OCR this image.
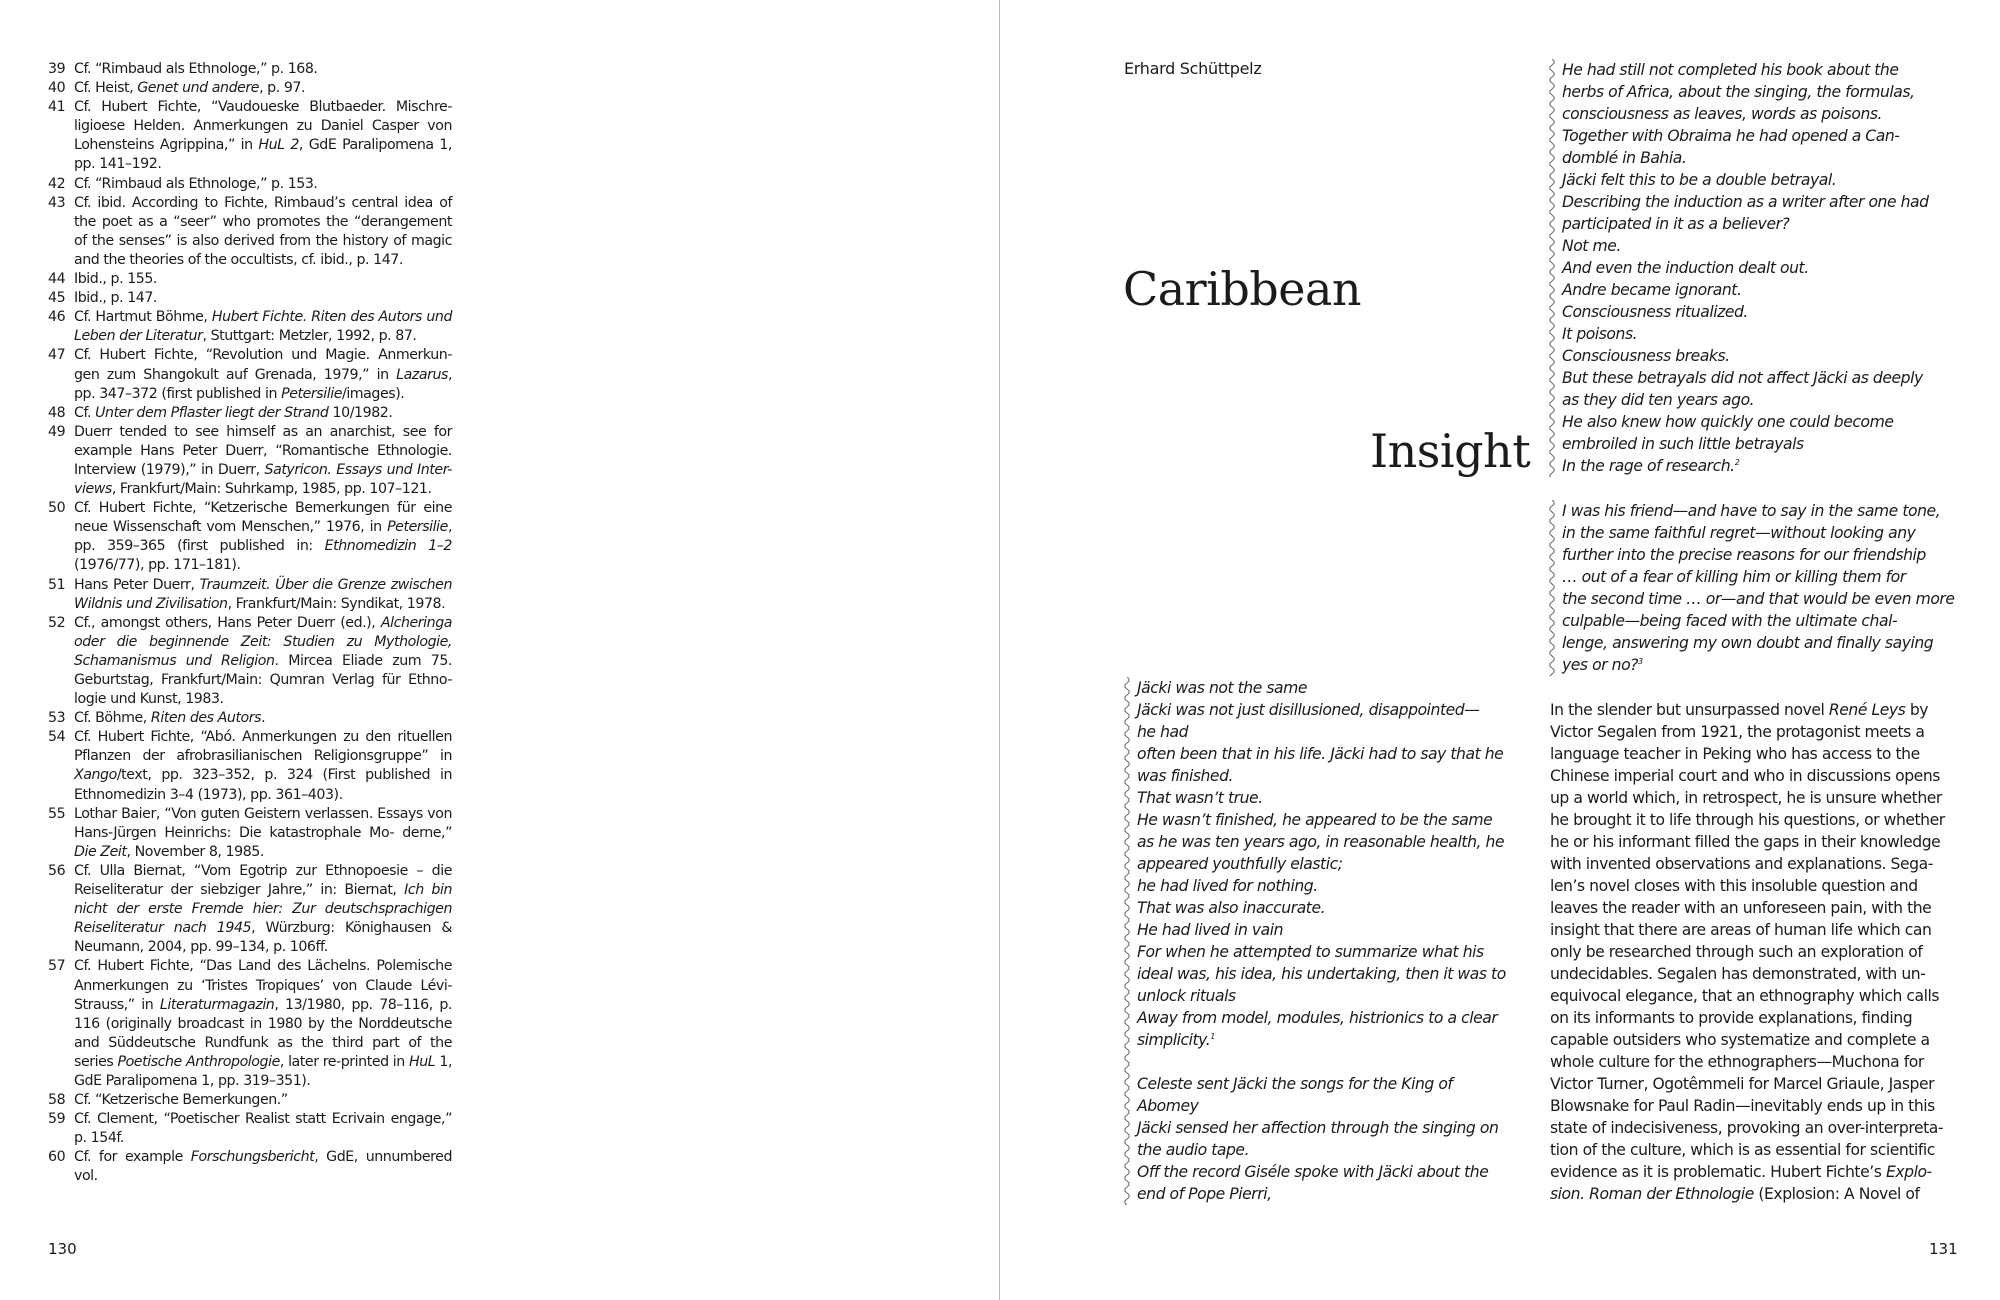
39 Cf. “Rimbaud als Ethnologe,” p. 168.
40 Cf. Heist, Genet und andere, p. 97.
41 Cf. Hubert Fichte, “Vaudoueske Blutbaeder. Mischre- ligioese Helden. Anmerkungen zu Daniel Casper von Lohensteins Agrippina,” in HuL 2, GdE Paralipomena 1, pp. 141–192.
42 Cf. “Rimbaud als Ethnologe,” p. 153.
43 Cf. ibid. According to Fichte, Rimbaud’s central idea of the poet as a “seer” who promotes the “derangement of the senses” is also derived from the history of magic and the theories of the occultists, cf. ibid., p. 147.
44 Ibid., p. 155.
45 Ibid., p. 147.
46 Cf. Hartmut Böhme, Hubert Fichte. Riten des Autors und Leben der Literatur, Stuttgart: Metzler, 1992, p. 87.
47 Cf. Hubert Fichte, “Revolution und Magie. Anmerkun- gen zum Shangokult auf Grenada, 1979,” in Lazarus, pp. 347–372 (first published in Petersilie/images).
48 Cf. Unter dem Pflaster liegt der Strand 10/1982.
49 Duerr tended to see himself as an anarchist, see for example Hans Peter Duerr, “Romantische Ethnologie. Interview (1979),” in Duerr, Satyricon. Essays und Inter- views, Frankfurt/Main: Suhrkamp, 1985, pp. 107–121.
50 Cf. Hubert Fichte, “Ketzerische Bemerkungen für eine neue Wissenschaft vom Menschen,” 1976, in Petersilie, pp. 359–365 (first published in: Ethnomedizin 1–2 (1976/77), pp. 171–181).
51 Hans Peter Duerr, Traumzeit. Über die Grenze zwischen Wildnis und Zivilisation, Frankfurt/Main: Syndikat, 1978.
52 Cf., amongst others, Hans Peter Duerr (ed.), Alcheringa oder die beginnende Zeit: Studien zu Mythologie, Schamanismus und Religion. Mircea Eliade zum 75. Geburtstag, Frankfurt/Main: Qumran Verlag für Ethno- logie und Kunst, 1983.
53 Cf. Böhme, Riten des Autors.
54 Cf. Hubert Fichte, “Abó. Anmerkungen zu den rituellen Pflanzen der afrobrasilianischen Religionsgruppe” in Xango/text, pp. 323–352, p. 324 (First published in Ethnomedizin 3–4 (1973), pp. 361–403).
55 Lothar Baier, “Von guten Geistern verlassen. Essays von Hans-Jürgen Heinrichs: Die katastrophale Mo- derne,” Die Zeit, November 8, 1985.
56 Cf. Ulla Biernat, “Vom Egotrip zur Ethnopoesie – die Reiseliteratur der siebziger Jahre,” in: Biernat, Ich bin nicht der erste Fremde hier: Zur deutschsprachigen Reiseliteratur nach 1945, Würzburg: Könighausen & Neumann, 2004, pp. 99–134, p. 106ff.
57 Cf. Hubert Fichte, “Das Land des Lächelns. Polemische Anmerkungen zu ‘Tristes Tropiques’ von Claude Lévi- Strauss,” in Literaturmagazin, 13/1980, pp. 78–116, p. 116 (originally broadcast in 1980 by the Norddeutsche and Süddeutsche Rundfunk as the third part of the series Poetische Anthropologie, later re-printed in HuL 1, GdE Paralipomena 1, pp. 319–351).
58 Cf. “Ketzerische Bemerkungen.”
59 Cf. Clement, “Poetischer Realist statt Ecrivain engage,” p. 154f.
60 Cf. for example Forschungsbericht, GdE, unnumbered vol.
130
Erhard Schüttpelz
Caribbean
Insight
He had still not completed his book about the
herbs of Africa, about the singing, the formulas,
consciousness as leaves, words as poisons.
Together with Obraima he had opened a Can-
domblé in Bahia.
Jäcki felt this to be a double betrayal.
Describing the induction as a writer after one had
participated in it as a believer?
Not me.
And even the induction dealt out.
Andre became ignorant.
Consciousness ritualized.
It poisons.
Consciousness breaks.
But these betrayals did not affect Jäcki as deeply
as they did ten years ago.
He also knew how quickly one could become
embroiled in such little betrayals
In the rage of research.$^2$
I was his friend—and have to say in the same tone,
in the same faithful regret—without looking any
further into the precise reasons for our friendship
… out of a fear of killing him or killing them for
the second time … or—and that would be even more
culpable—being faced with the ultimate chal-
lenge, answering my own doubt and finally saying
yes or no?$^3$
Jäcki was not the same
Jäcki was not just disillusioned, disappointed—
he had
often been that in his life. Jäcki had to say that he
was finished.
That wasn’t true.
He wasn’t finished, he appeared to be the same
as he was ten years ago, in reasonable health, he
appeared youthfully elastic;
he had lived for nothing.
That was also inaccurate.
He had lived in vain
For when he attempted to summarize what his
ideal was, his idea, his undertaking, then it was to
unlock rituals
Away from model, modules, histrionics to a clear
simplicity.$^1$
Celeste sent Jäcki the songs for the King of
Abomey
Jäcki sensed her affection through the singing on
the audio tape.
Off the record Giséle spoke with Jäcki about the
end of Pope Pierri,
In the slender but unsurpassed novel René Leys by
Victor Segalen from 1921, the protagonist meets a
language teacher in Peking who has access to the
Chinese imperial court and who in discussions opens
up a world which, in retrospect, he is unsure whether
he brought it to life through his questions, or whether
he or his informant filled the gaps in their knowledge
with invented observations and explanations. Sega-
len’s novel closes with this insoluble question and
leaves the reader with an unforeseen pain, with the
insight that there are areas of human life which can
only be researched through such an exploration of
undecidables. Segalen has demonstrated, with un-
equivocal elegance, that an ethnography which calls
on its informants to provide explanations, finding
capable outsiders who systematize and complete a
whole culture for the ethnographers—Muchona for
Victor Turner, Ogotêmmeli for Marcel Griaule, Jasper
Blowsnake for Paul Radin—inevitably ends up in this
state of indecisiveness, provoking an over-interpreta-
tion of the culture, which is as essential for scientific
evidence as it is problematic. Hubert Fichte’s Explo-
sion. Roman der Ethnologie (Explosion: A Novel of
131
